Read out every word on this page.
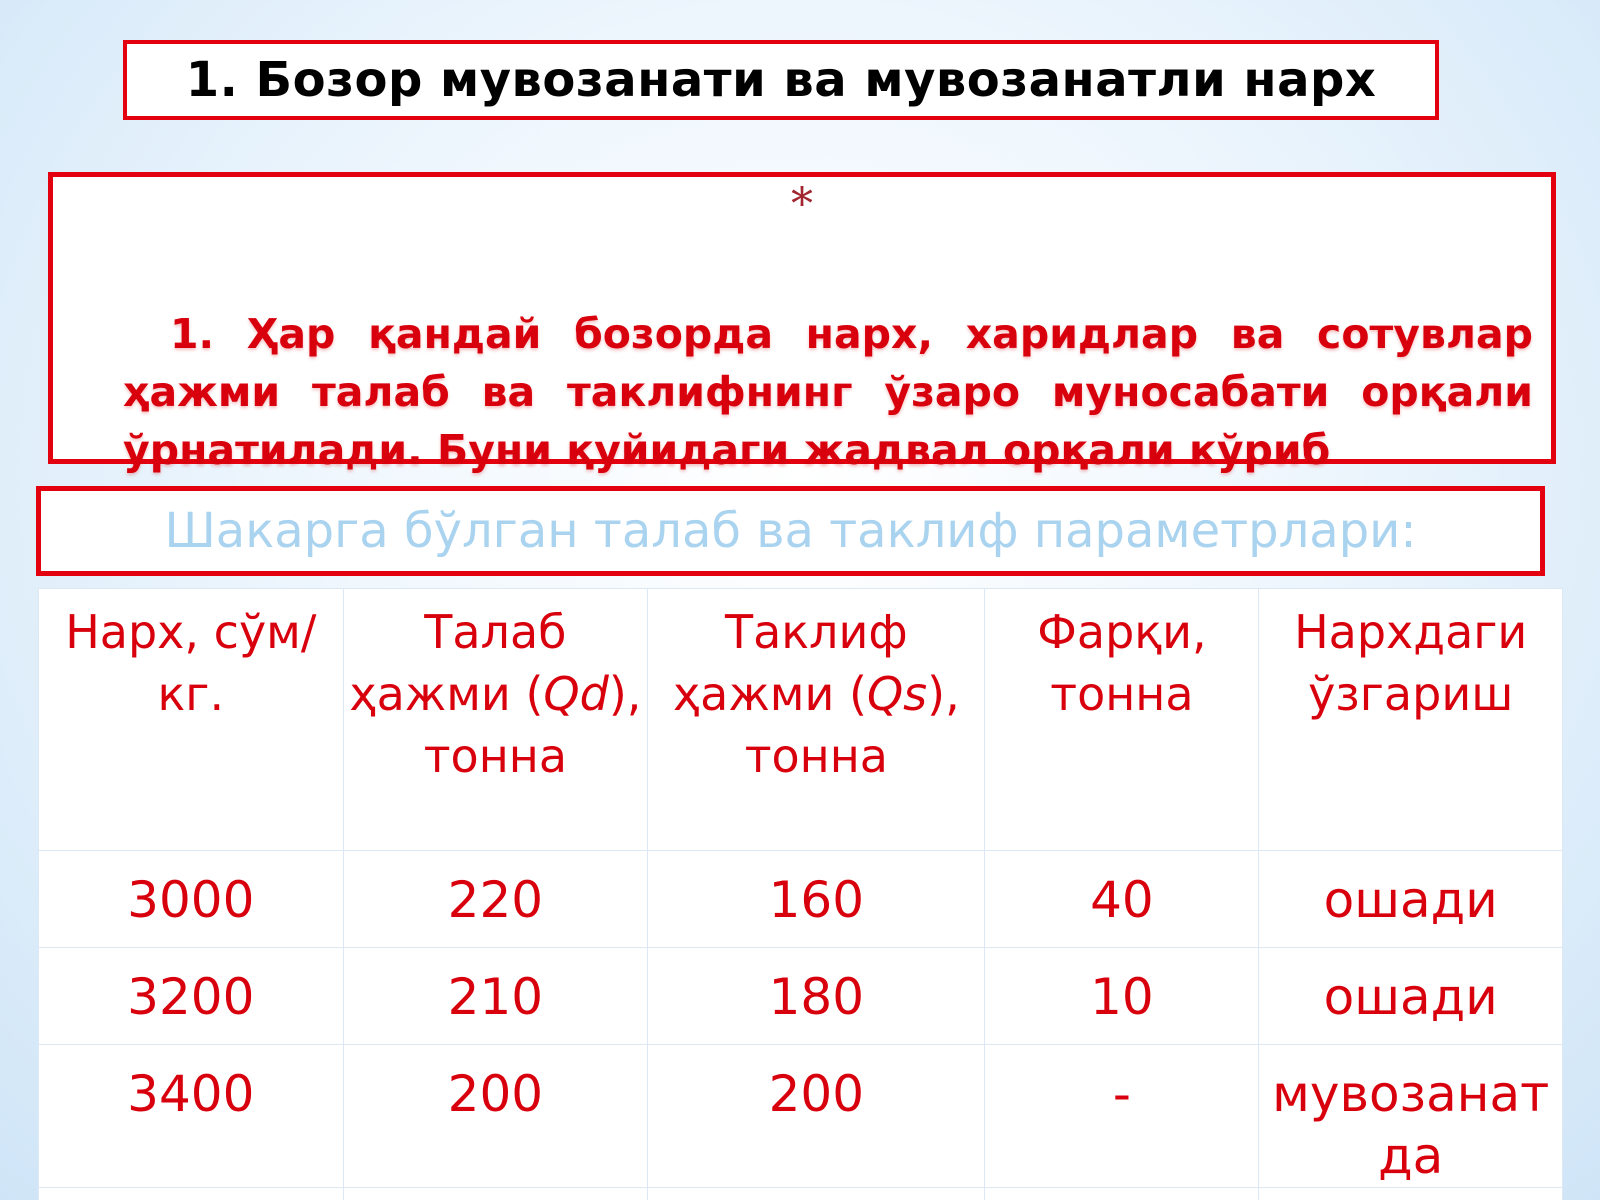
1. Бозор мувозанати ва мувозанатли нарх
*
1. Ҳар қандай бозорда нарх, харидлар ва сотувлар ҳажми талаб ва таклифнинг ўзаро муносабати орқали ўрнатилади. Буни қуйидаги жадвал орқали кўриб
Шакарга бўлган талаб ва таклиф параметрлари:
Нарх, сўм/кг.	Талаб ҳажми (Qd), тонна	Таклиф ҳажми (Qs), тонна	Фарқи, тонна	Нархдаги ўзгариш
3000	220	160	40	ошади
3200	210	180	10	ошади
3400	200	200	-	мувозанатда
